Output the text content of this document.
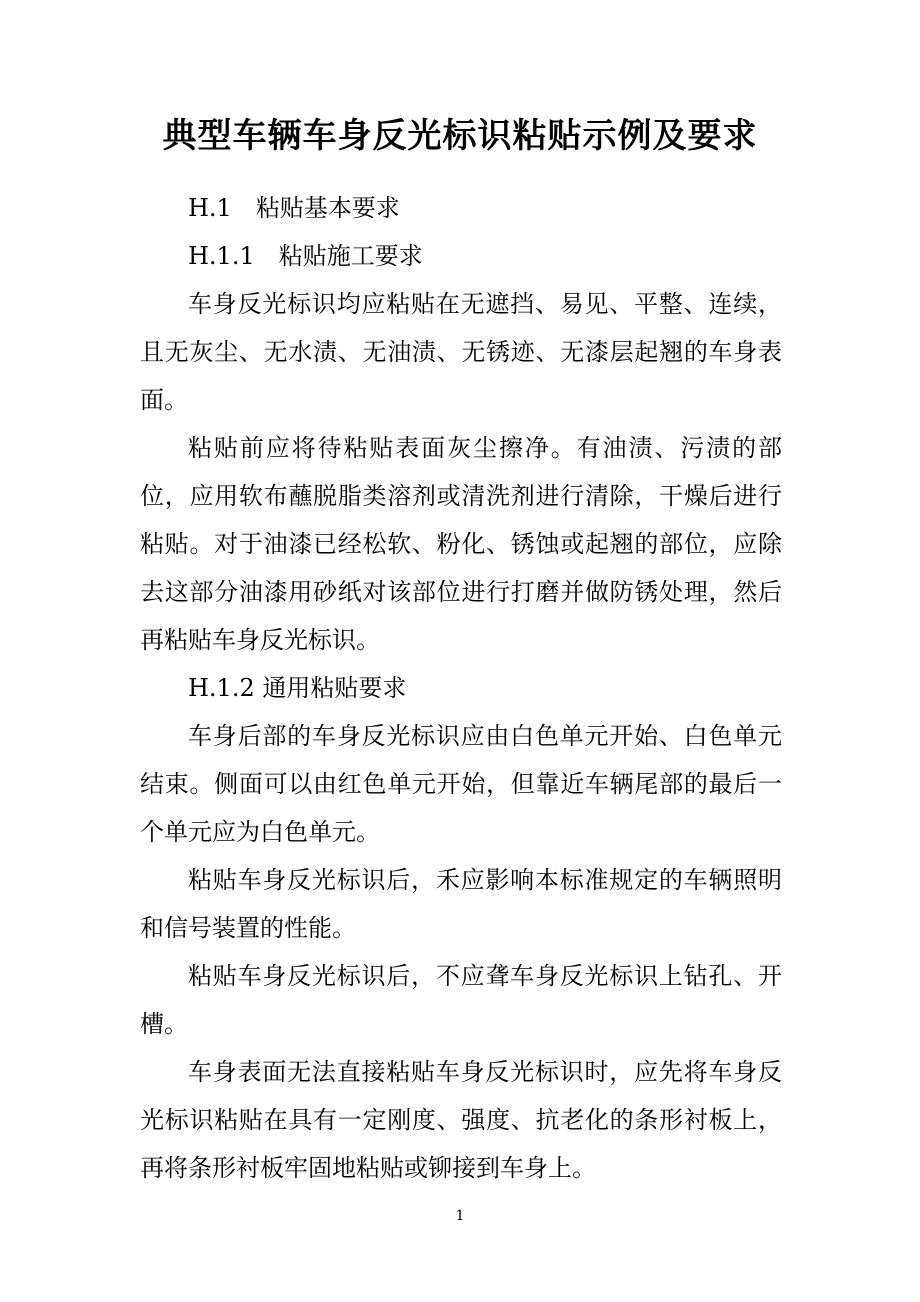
典型车辆车身反光标识粘贴示例及要求

H.1　粘贴基本要求

H.1.1　粘贴施工要求

车身反光标识均应粘贴在无遮挡、易见、平整、连续，且无灰尘、无水渍、无油渍、无锈迹、无漆层起翘的车身表面。

粘贴前应将待粘贴表面灰尘擦净。有油渍、污渍的部位，应用软布蘸脱脂类溶剂或清洗剂进行清除，干燥后进行粘贴。对于油漆已经松软、粉化、锈蚀或起翘的部位，应除去这部分油漆用砂纸对该部位进行打磨并做防锈处理，然后再粘贴车身反光标识。

H.1.2 通用粘贴要求

车身后部的车身反光标识应由白色单元开始、白色单元结束。侧面可以由红色单元开始，但靠近车辆尾部的最后一个单元应为白色单元。

粘贴车身反光标识后，禾应影响本标准规定的车辆照明和信号装置的性能。

粘贴车身反光标识后，不应聋车身反光标识上钻孔、开槽。

车身表面无法直接粘贴车身反光标识时，应先将车身反光标识粘贴在具有一定刚度、强度、抗老化的条形衬板上，再将条形衬板牢固地粘贴或铆接到车身上。

1
